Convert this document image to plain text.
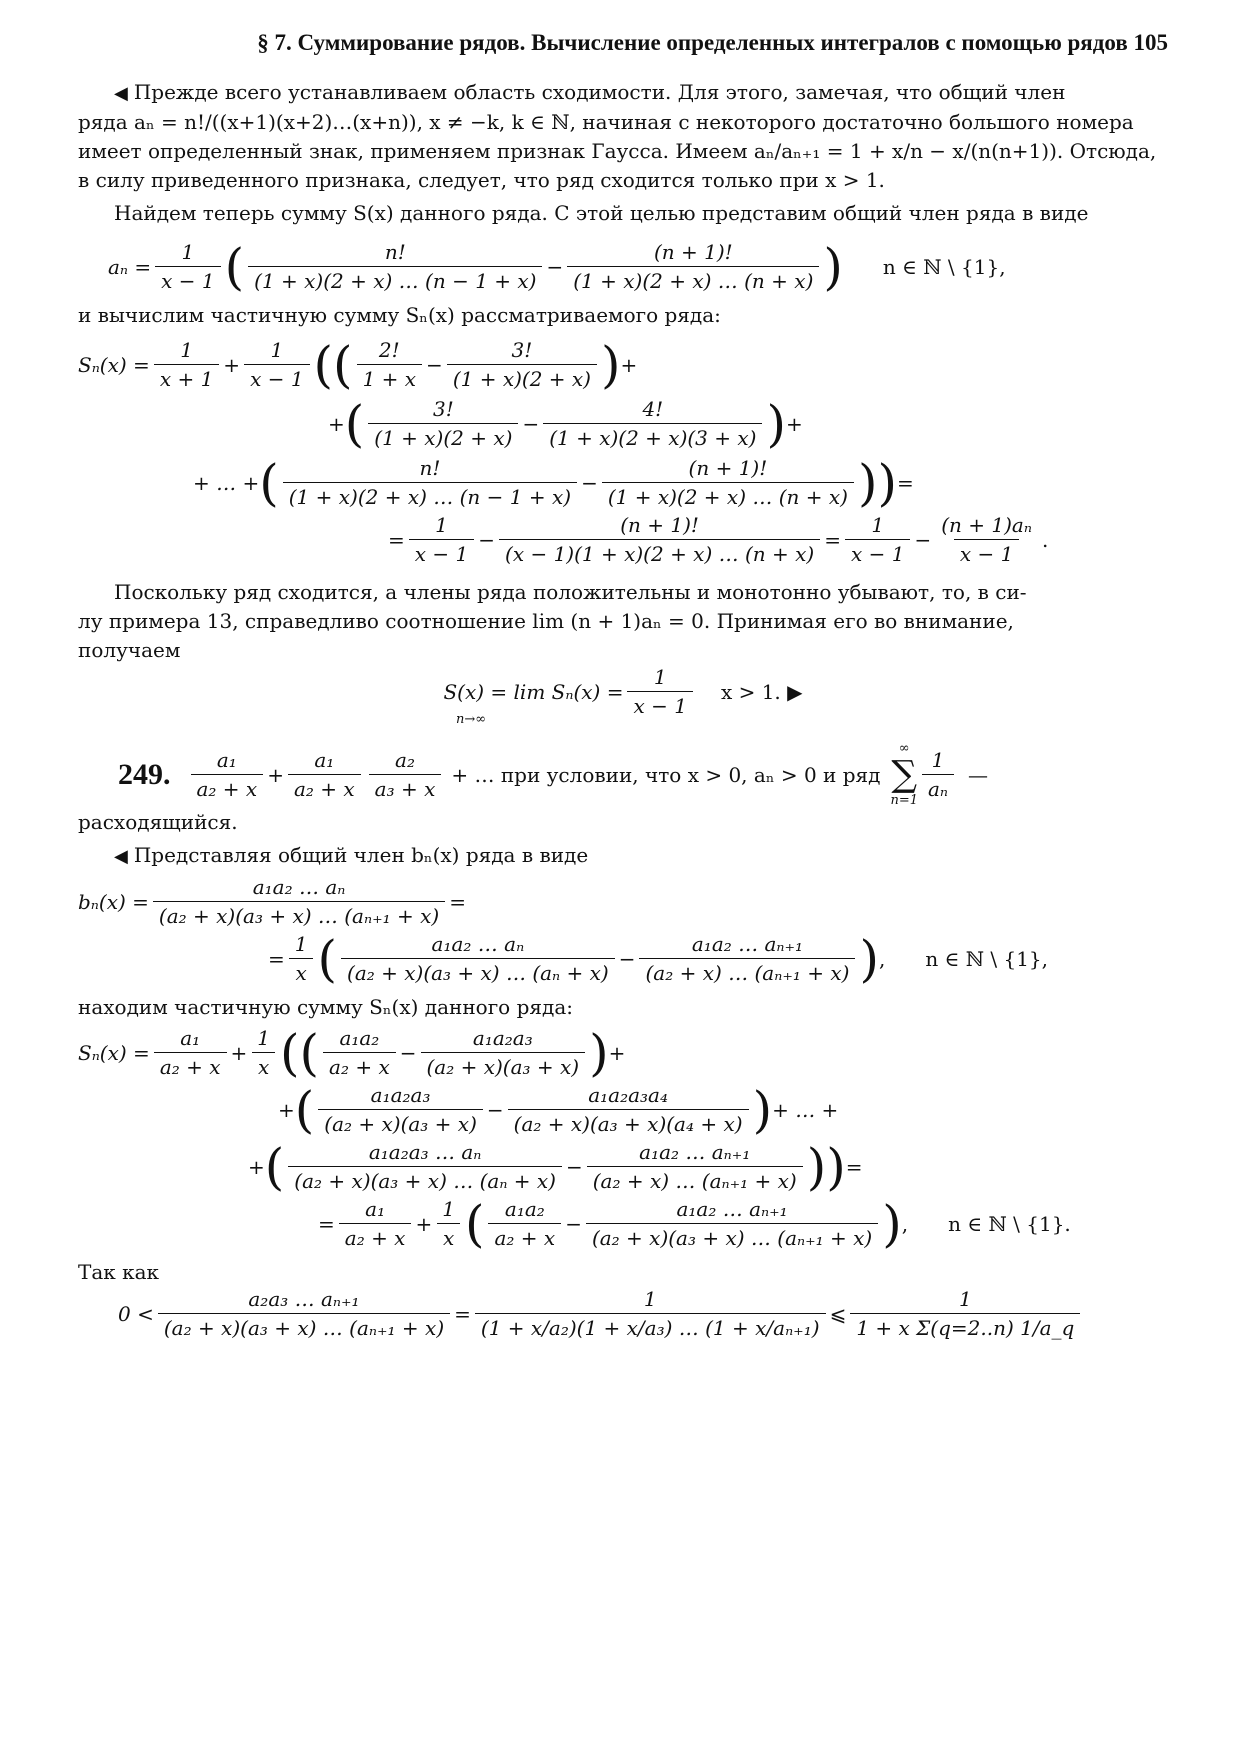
§ 7. Суммирование рядов. Вычисление определенных интегралов с помощью рядов 105

◀ Прежде всего устанавливаем область сходимости. Для этого, замечая, что общий член

ряда aₙ = n!/((x+1)(x+2)…(x+n)), x ≠ −k, k ∈ ℕ, начиная с некоторого достаточно большого номера

имеет определенный знак, применяем признак Гаусса. Имеем aₙ/aₙ₊₁ = 1 + x/n − x/(n(n+1)). Отсюда,

в силу приведенного признака, следует, что ряд сходится только при x > 1.

Найдем теперь сумму S(x) данного ряда. С этой целью представим общий член ряда в виде

$a_n = \frac{1}{x - 1}$ ( $\frac{n!}{(1 + x)(2 + x) \dots (n - 1 + x)} - \frac{(n + 1)!}{(1 + x)(2 + x) \dots (n + x)}$ ) n ∈ ℕ \ {1},

и вычислим частичную сумму Sₙ(x) рассматриваемого ряда:

$S_n(x) = \frac{1}{x + 1} + \frac{1}{x - 1}$ (( $\frac{2!}{1 + x} - \frac{3!}{(1 + x)(2 + x)}$ ) +
+ ( $\frac{3!}{(1 + x)(2 + x)} - \frac{4!}{(1 + x)(2 + x)(3 + x)}$ ) +
+ … + ( $\frac{n!}{(1 + x)(2 + x) \dots (n - 1 + x)} - \frac{(n + 1)!}{(1 + x)(2 + x) \dots (n + x)}$ )) =
= $\frac{1}{x - 1} - \frac{(n + 1)!}{(x - 1)(1 + x)(2 + x) \dots (n + x)} = \frac{1}{x - 1} - \frac{\text{(n + 1)aₙ}}{x - 1}$ .

Поскольку ряд сходится, а члены ряда положительны и монотонно убывают, то, в си-

лу примера 13, справедливо соотношение lim (n + 1)aₙ = 0. Принимая его во внимание,

получаем

$S(x) = \lim S_n(x) = \frac{1}{x - 1}$ x > 1. ▶
n→∞
249. $\frac{\text{a₁}}{\text{a₂ + x}} + \frac{\text{a₁}}{\text{a₂ + x}} \frac{\text{a₂}}{\text{a₃ + x}}$ + … при условии, что x > 0, aₙ > 0 и ряд
∞
∑
$n=1 \frac{1}{\text{aₙ}}$ —

расходящийся.

◀ Представляя общий член bₙ(x) ряда в виде

$b_n(x) = \frac{\text{a₁a₂ … aₙ}}{\text{(a₂ + x)(a₃ + x) … (aₙ₊₁ + x)}}$ =
= $\frac{1}{x}$ ( $\frac{\text{a₁a₂ … aₙ}}{\text{(a₂ + x)(a₃ + x) … (aₙ + x)}} - \frac{\text{a₁a₂ … aₙ₊₁}}{\text{(a₂ + x) … (aₙ₊₁ + x)}}$ ) , n ∈ ℕ \ {1},

находим частичную сумму Sₙ(x) данного ряда:

$S_n(x) = \frac{\text{a₁}}{\text{a₂ + x}} + \frac{1}{x}$ (( $\frac{\text{a₁a₂}}{\text{a₂ + x}} - \frac{\text{a₁a₂a₃}}{\text{(a₂ + x)(a₃ + x)}}$ ) +
+ ( $\frac{\text{a₁a₂a₃}}{\text{(a₂ + x)(a₃ + x)}} - \frac{\text{a₁a₂a₃a₄}}{\text{(a₂ + x)(a₃ + x)(a₄ + x)}}$ ) + … +
+ ( $\frac{\text{a₁a₂a₃ … aₙ}}{\text{(a₂ + x)(a₃ + x) … (aₙ + x)}} - \frac{\text{a₁a₂ … aₙ₊₁}}{\text{(a₂ + x) … (aₙ₊₁ + x)}}$ )) =
= $\frac{\text{a₁}}{\text{a₂ + x}} + \frac{1}{x}$ ( $\frac{\text{a₁a₂}}{\text{a₂ + x}} - \frac{\text{a₁a₂ … aₙ₊₁}}{\text{(a₂ + x)(a₃ + x) … (aₙ₊₁ + x)}}$ ) , n ∈ ℕ \ {1}.

Так как

$0 < \frac{\text{a₂a₃ … aₙ₊₁}}{\text{(a₂ + x)(a₃ + x) … (aₙ₊₁ + x)}} = \frac{1}{\text{(1 + x/a₂)(1 + x/a₃) … (1 + x/aₙ₊₁)}}$ ⩽ $\frac{1}{\text{1 + x Σ(q=2..n) 1/a\_q}}$
